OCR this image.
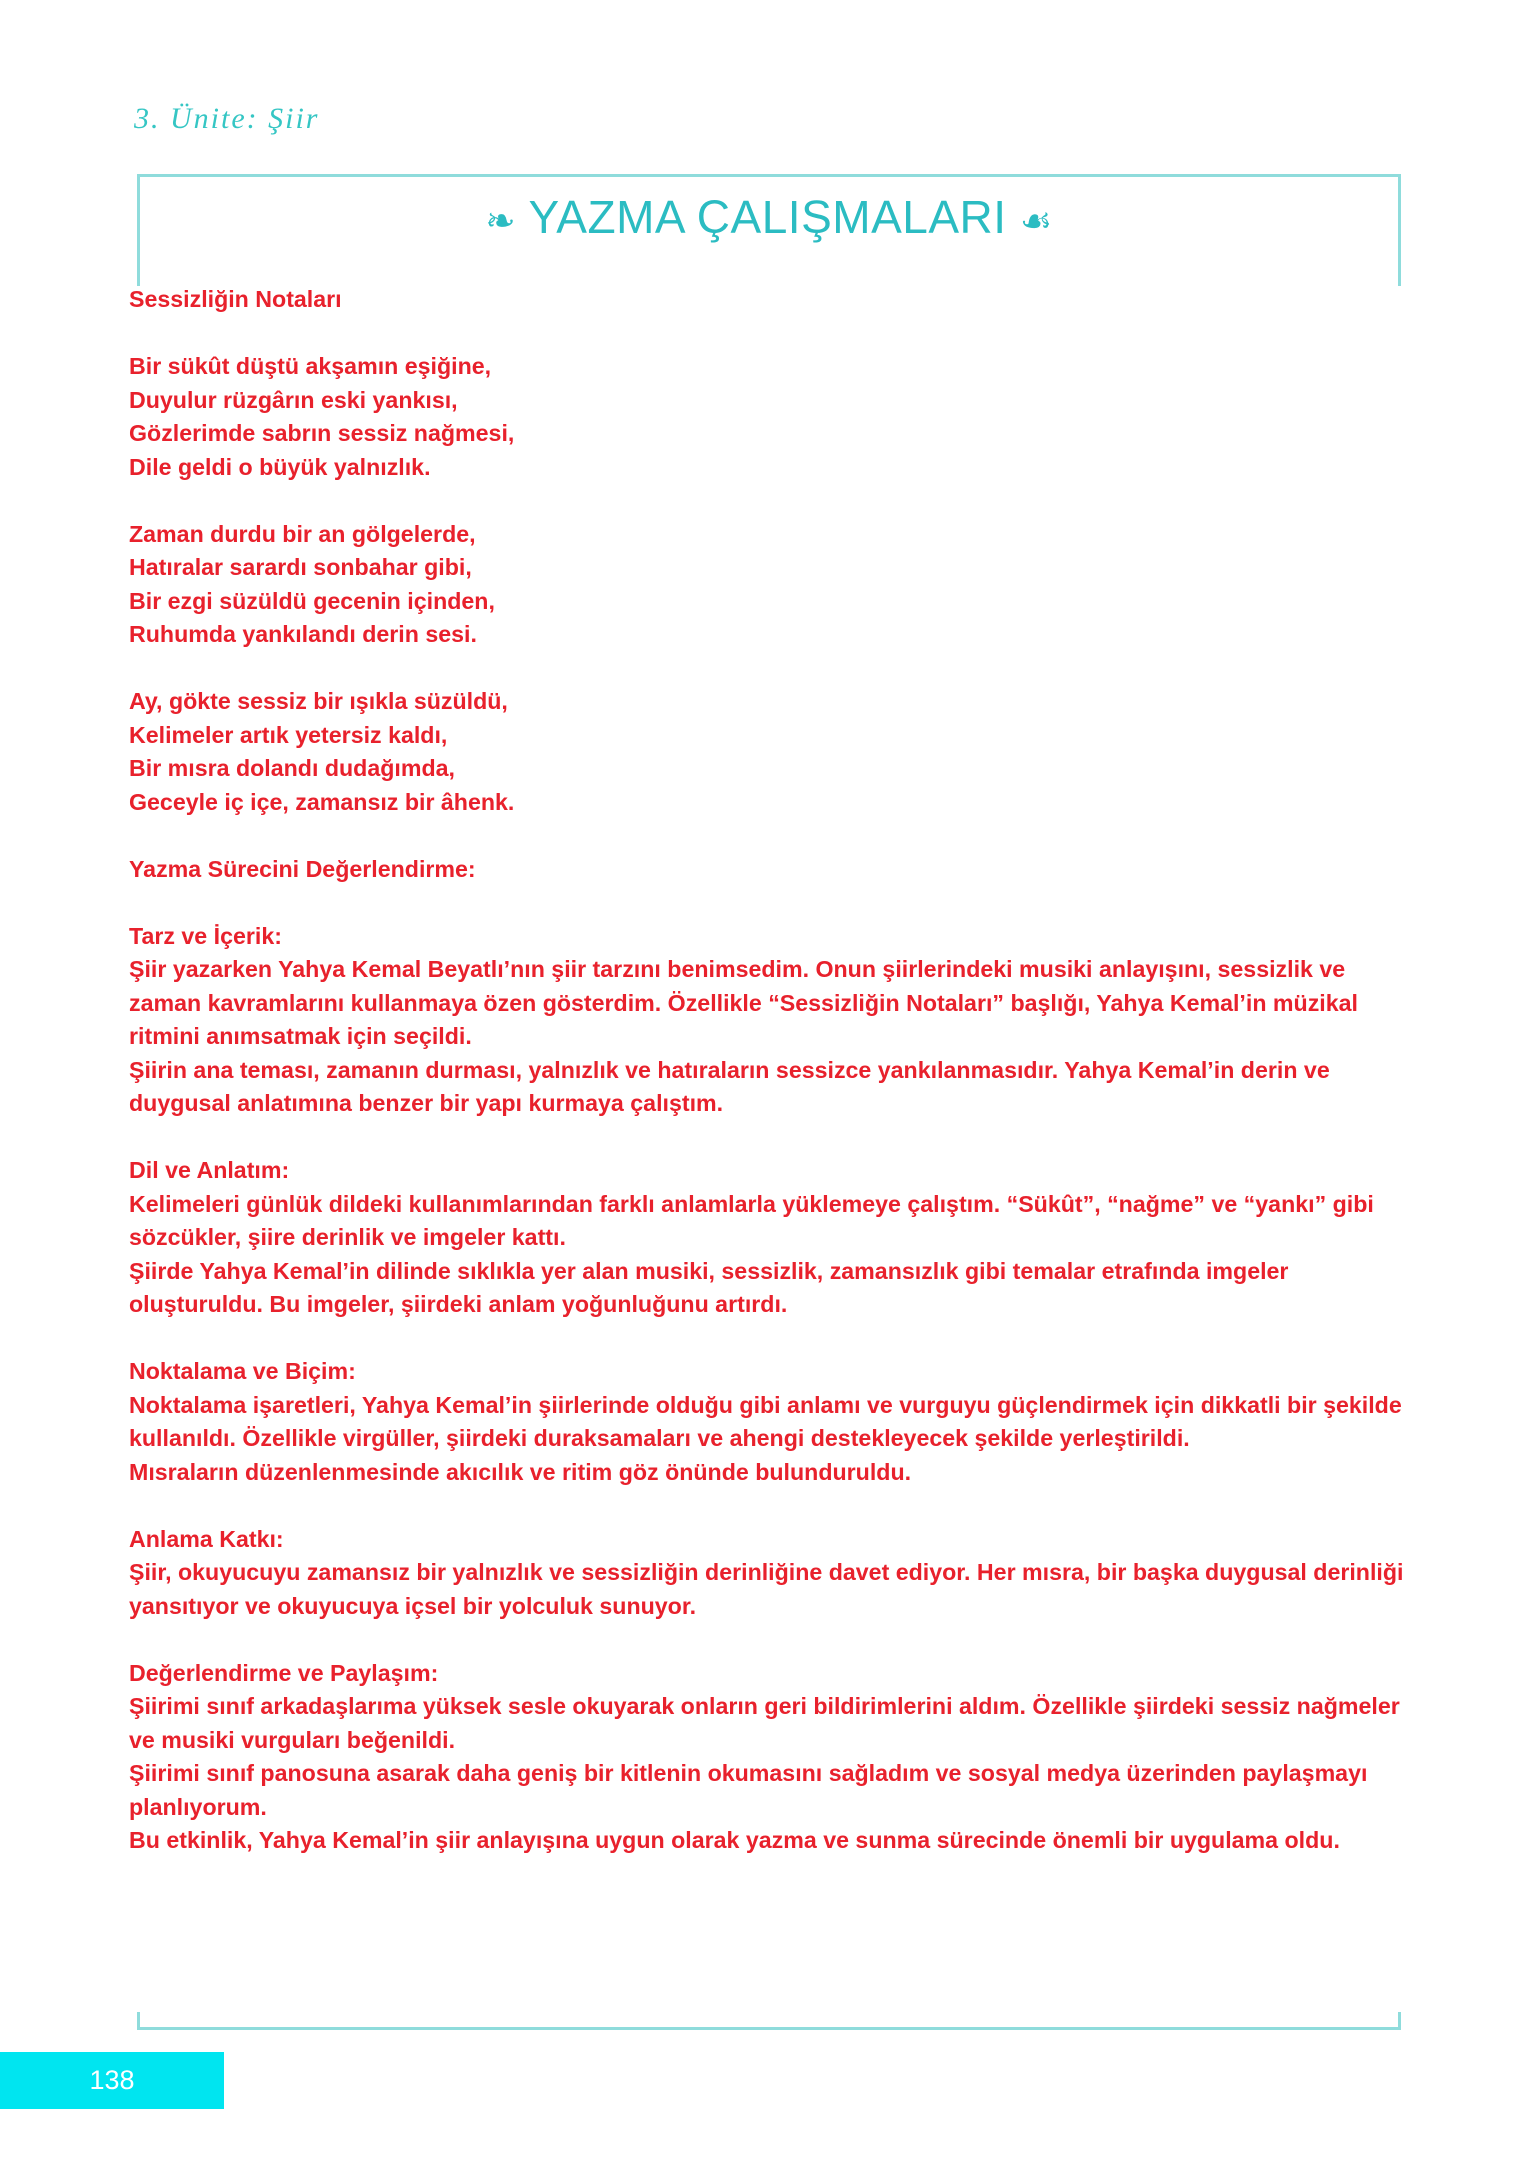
3. Ünite: Şiir

❧ YAZMA ÇALIŞMALARI ☙

Sessizliğin Notaları

Bir sükût düştü akşamın eşiğine,

Duyulur rüzgârın eski yankısı,

Gözlerimde sabrın sessiz nağmesi,

Dile geldi o büyük yalnızlık.

Zaman durdu bir an gölgelerde,

Hatıralar sarardı sonbahar gibi,

Bir ezgi süzüldü gecenin içinden,

Ruhumda yankılandı derin sesi.

Ay, gökte sessiz bir ışıkla süzüldü,

Kelimeler artık yetersiz kaldı,

Bir mısra dolandı dudağımda,

Geceyle iç içe, zamansız bir âhenk.

Yazma Sürecini Değerlendirme:

Tarz ve İçerik:

Şiir yazarken Yahya Kemal Beyatlı’nın şiir tarzını benimsedim. Onun şiirlerindeki musiki anlayışını, sessizlik ve zaman kavramlarını kullanmaya özen gösterdim. Özellikle “Sessizliğin Notaları” başlığı, Yahya Kemal’in müzikal ritmini anımsatmak için seçildi.

Şiirin ana teması, zamanın durması, yalnızlık ve hatıraların sessizce yankılanmasıdır. Yahya Kemal’in derin ve duygusal anlatımına benzer bir yapı kurmaya çalıştım.

Dil ve Anlatım:

Kelimeleri günlük dildeki kullanımlarından farklı anlamlarla yüklemeye çalıştım. “Sükût”, “nağme” ve “yankı” gibi sözcükler, şiire derinlik ve imgeler kattı.

Şiirde Yahya Kemal’in dilinde sıklıkla yer alan musiki, sessizlik, zamansızlık gibi temalar etrafında imgeler oluşturuldu. Bu imgeler, şiirdeki anlam yoğunluğunu artırdı.

Noktalama ve Biçim:

Noktalama işaretleri, Yahya Kemal’in şiirlerinde olduğu gibi anlamı ve vurguyu güçlendirmek için dikkatli bir şekilde kullanıldı. Özellikle virgüller, şiirdeki duraksamaları ve ahengi destekleyecek şekilde yerleştirildi.

Mısraların düzenlenmesinde akıcılık ve ritim göz önünde bulunduruldu.

Anlama Katkı:

Şiir, okuyucuyu zamansız bir yalnızlık ve sessizliğin derinliğine davet ediyor. Her mısra, bir başka duygusal derinliği yansıtıyor ve okuyucuya içsel bir yolculuk sunuyor.

Değerlendirme ve Paylaşım:

Şiirimi sınıf arkadaşlarıma yüksek sesle okuyarak onların geri bildirimlerini aldım. Özellikle şiirdeki sessiz nağmeler ve musiki vurguları beğenildi.

Şiirimi sınıf panosuna asarak daha geniş bir kitlenin okumasını sağladım ve sosyal medya üzerinden paylaşmayı planlıyorum.

Bu etkinlik, Yahya Kemal’in şiir anlayışına uygun olarak yazma ve sunma sürecinde önemli bir uygulama oldu.

138
